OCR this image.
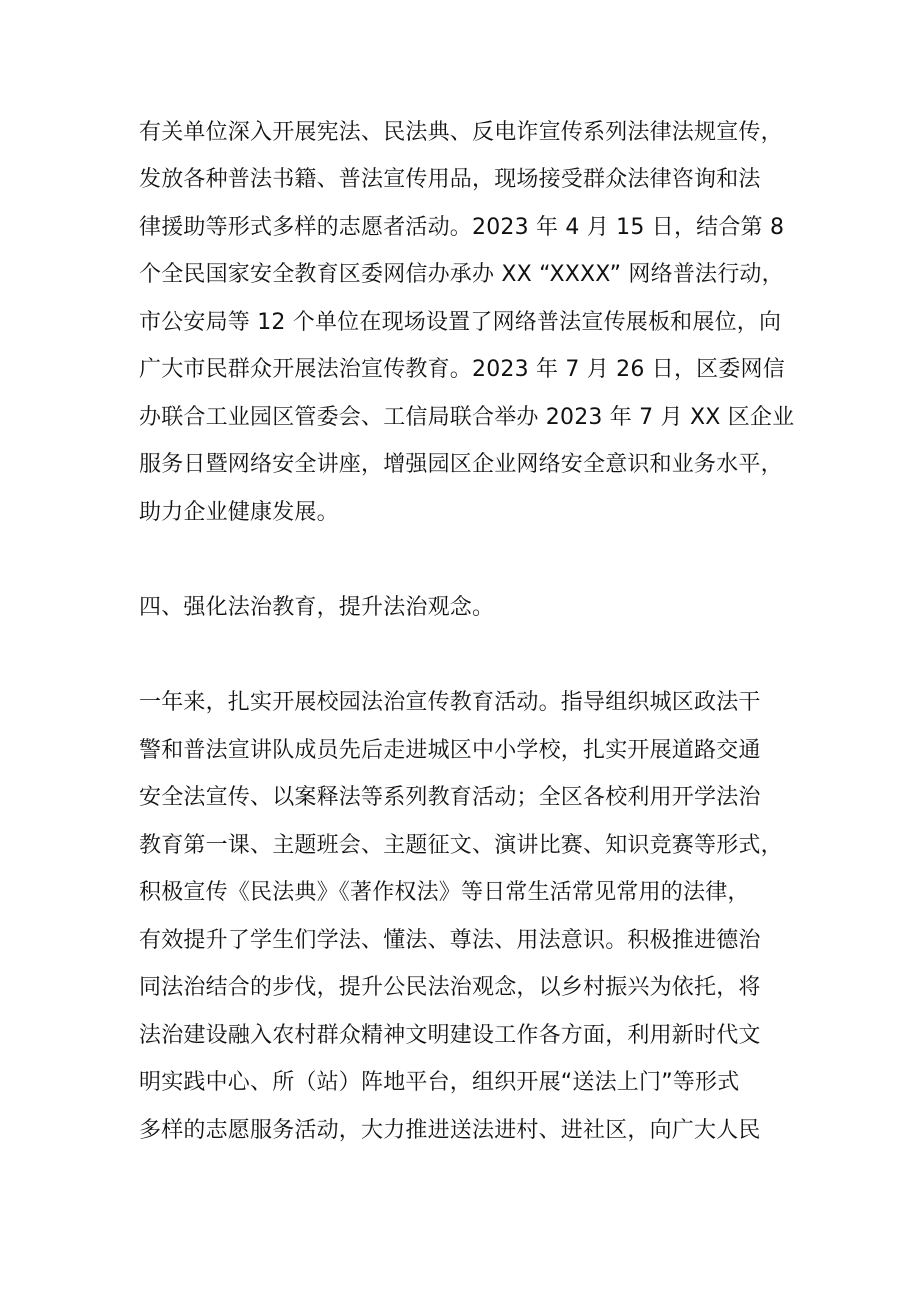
有关单位深入开展宪法、民法典、反电诈宣传系列法律法规宣传，
发放各种普法书籍、普法宣传用品，现场接受群众法律咨询和法
律援助等形式多样的志愿者活动。2023 年 4 月 15 日，结合第 8
个全民国家安全教育区委网信办承办 XX “XXXX” 网络普法行动，
市公安局等 12 个单位在现场设置了网络普法宣传展板和展位，向
广大市民群众开展法治宣传教育。2023 年 7 月 26 日，区委网信
办联合工业园区管委会、工信局联合举办 2023 年 7 月 XX 区企业
服务日暨网络安全讲座，增强园区企业网络安全意识和业务水平，
助力企业健康发展。
四、强化法治教育，提升法治观念。
一年来，扎实开展校园法治宣传教育活动。指导组织城区政法干
警和普法宣讲队成员先后走进城区中小学校，扎实开展道路交通
安全法宣传、以案释法等系列教育活动；全区各校利用开学法治
教育第一课、主题班会、主题征文、演讲比赛、知识竞赛等形式，
积极宣传《民法典》《著作权法》等日常生活常见常用的法律，
有效提升了学生们学法、懂法、尊法、用法意识。积极推进德治
同法治结合的步伐，提升公民法治观念，以乡村振兴为依托，将
法治建设融入农村群众精神文明建设工作各方面，利用新时代文
明实践中心、所（站）阵地平台，组织开展“送法上门”等形式
多样的志愿服务活动，大力推进送法进村、进社区，向广大人民
